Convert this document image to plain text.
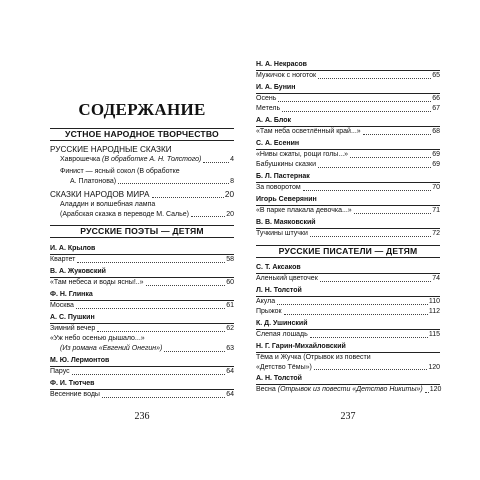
СОДЕРЖАНИЕ
УСТНОЕ НАРОДНОЕ ТВОРЧЕСТВО
РУССКИЕ НАРОДНЫЕ СКАЗКИ
Хаврошечка (В обработке А. Н. Толстого)	4
Финист — ясный сокол (В обработке
А. Платонова)	8
СКАЗКИ НАРОДОВ МИРА	20
Аладдин и волшебная лампа
(Арабская сказка в переводе М. Салье)	20
РУССКИЕ ПОЭТЫ — ДЕТЯМ
И. А. Крылов
Квартет	58
В. А. Жуковский
«Там небеса и воды ясны!..»	60
Ф. Н. Глинка
Москва	61
А. С. Пушкин
Зимний вечер	62
«Уж небо осенью дышало...»
(Из романа «Евгений Онегин»)	63
М. Ю. Лермонтов
Парус	64
Ф. И. Тютчев
Весенние воды	64
236
Н. А. Некрасов
Мужичок с ноготок	65
И. А. Бунин
Осень	66
Метель	67
А. А. Блок
«Там неба осветлённый край...»	68
С. А. Есенин
«Нивы сжаты, рощи голы...»	69
Бабушкины сказки	69
Б. Л. Пастернак
За поворотом	70
Игорь Северянин
«В парке плакала девочка...»	71
В. В. Маяковский
Тучкины штучки	72
РУССКИЕ ПИСАТЕЛИ — ДЕТЯМ
С. Т. Аксаков
Аленький цветочек	74
Л. Н. Толстой
Акула	110
Прыжок	112
К. Д. Ушинский
Слепая лошадь	115
Н. Г. Гарин-Михайловский
Тёма и Жучка (Отрывок из повести
«Детство Тёмы»)	120
А. Н. Толстой
Весна (Отрывок из повести «Детство Никиты») 120
237
